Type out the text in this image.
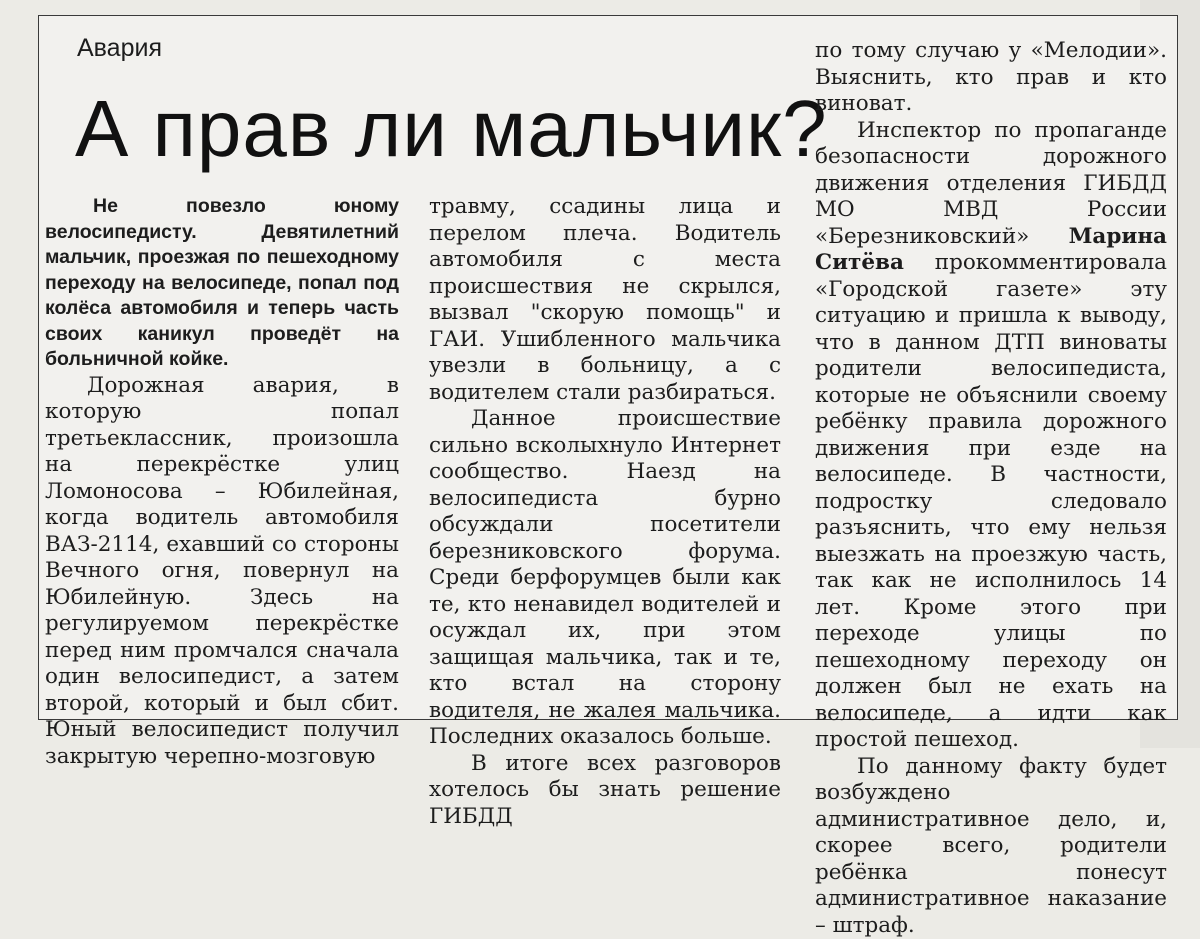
Авария
А прав ли мальчик?

Не повезло юному велосипедисту. Девятилетний мальчик, проезжая по пешеходному переходу на велосипеде, попал под колёса автомобиля и теперь часть своих каникул проведёт на больничной койке.

Дорожная авария, в которую попал третьеклассник, произошла на перекрёстке улиц Ломоносова – Юбилейная, когда водитель автомобиля ВАЗ-2114, ехавший со стороны Вечного огня, повернул на Юбилейную. Здесь на регулируемом перекрёстке перед ним промчался сначала один велосипедист, а затем второй, который и был сбит. Юный велосипедист получил закрытую черепно-мозговую

травму, ссадины лица и перелом плеча. Водитель автомобиля с места происшествия не скрылся, вызвал "скорую помощь" и ГАИ. Ушибленного мальчика увезли в больницу, а с водителем стали разбираться.

Данное происшествие сильно всколыхнуло Интернет сообщество. Наезд на велосипедиста бурно обсуждали посетители березниковского форума. Среди берфорумцев были как те, кто ненавидел водителей и осуждал их, при этом защищая мальчика, так и те, кто встал на сторону водителя, не жалея мальчика. Последних оказалось больше.

В итоге всех разговоров хотелось бы знать решение ГИБДД

по тому случаю у «Мелодии». Выяснить, кто прав и кто виноват.

Инспектор по пропаганде безопасности дорожного движения отделения ГИБДД МО МВД России «Березниковский» Марина Ситёва прокомментировала «Городской газете» эту ситуацию и пришла к выводу, что в данном ДТП виноваты родители велосипедиста, которые не объяснили своему ребёнку правила дорожного движения при езде на велосипеде. В частности, подростку следовало разъяснить, что ему нельзя выезжать на проезжую часть, так как не исполнилось 14 лет. Кроме этого при переходе улицы по пешеходному переходу он должен был не ехать на велосипеде, а идти как простой пешеход.

По данному факту будет возбуждено административное дело, и, скорее всего, родители ребёнка понесут административное наказание – штраф.
